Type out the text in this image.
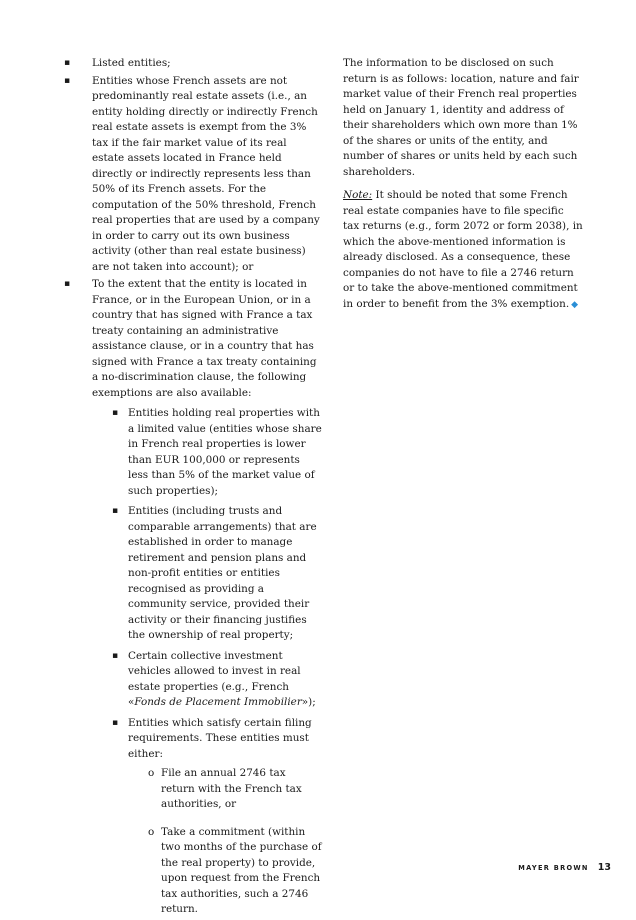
▪ Listed entities;
▪ Entities whose French assets are not predominantly real estate assets (i.e., an entity holding directly or indirectly French real estate assets is exempt from the 3% tax if the fair market value of its real estate assets located in France held directly or indirectly represents less than 50% of its French assets. For the computation of the 50% threshold, French real properties that are used by a company in order to carry out its own business activity (other than real estate business) are not taken into account); or
▪ To the extent that the entity is located in France, or in the European Union, or in a country that has signed with France a tax treaty containing an administrative assistance clause, or in a country that has signed with France a tax treaty containing a no-discrimination clause, the following exemptions are also available:
▪ Entities holding real properties with a limited value (entities whose share in French real properties is lower than EUR 100,000 or represents less than 5% of the market value of such properties);
▪ Entities (including trusts and comparable arrangements) that are established in order to manage retirement and pension plans and non-profit entities or entities recognised as providing a community service, provided their activity or their financing justifies the ownership of real property;
▪ Certain collective investment vehicles allowed to invest in real estate properties (e.g., French «Fonds de Placement Immobilier»);
▪ Entities which satisfy certain filing requirements. These entities must either:
o File an annual 2746 tax return with the French tax authorities, or
o Take a commitment (within two months of the purchase of the real property) to provide, upon request from the French tax authorities, such a 2746 return.

The information to be disclosed on such return is as follows: location, nature and fair market value of their French real properties held on January 1, identity and address of their shareholders which own more than 1% of the shares or units of the entity, and number of shares or units held by each such shareholders.

Note: It should be noted that some French real estate companies have to file specific tax returns (e.g., form 2072 or form 2038), in which the above-mentioned information is already disclosed. As a consequence, these companies do not have to file a 2746 return or to take the above-mentioned commitment in order to benefit from the 3% exemption. ◆

MAYER BROWN 13
